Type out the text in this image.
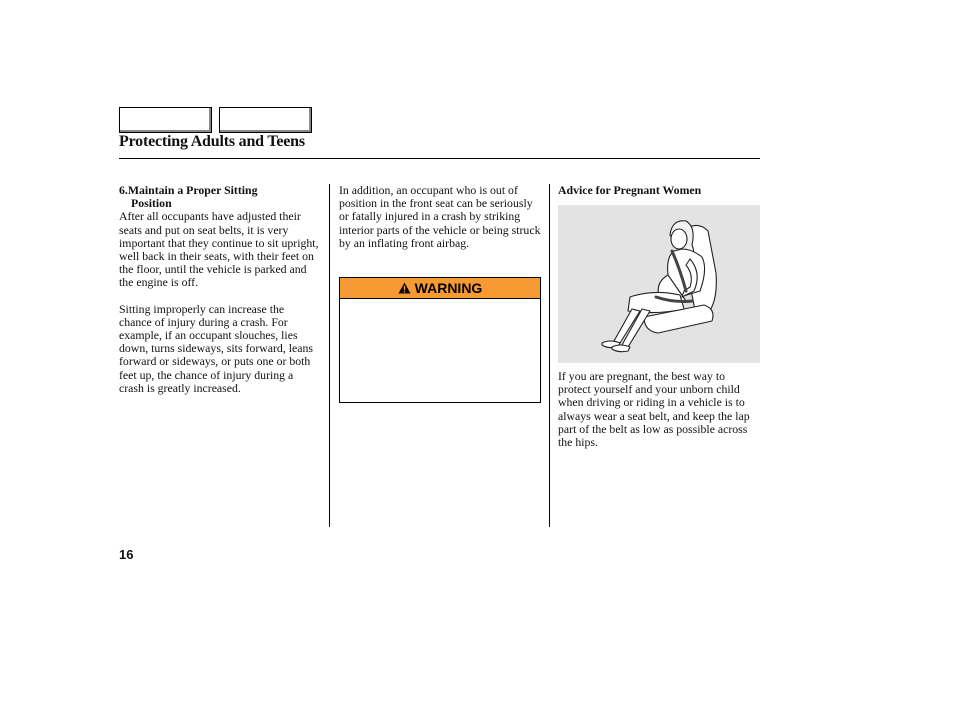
Protecting Adults and Teens
6.Maintain a Proper Sitting
Position

After all occupants have adjusted their seats and put on seat belts, it is very important that they continue to sit upright, well back in their seats, with their feet on the floor, until the vehicle is parked and the engine is off.

Sitting improperly can increase the chance of injury during a crash. For example, if an occupant slouches, lies down, turns sideways, sits forward, leans forward or sideways, or puts one or both feet up, the chance of injury during a crash is greatly increased.

In addition, an occupant who is out of position in the front seat can be seriously or fatally injured in a crash by striking interior parts of the vehicle or being struck by an inflating front airbag.

WARNING
Advice for Pregnant Women

If you are pregnant, the best way to protect yourself and your unborn child when driving or riding in a vehicle is to always wear a seat belt, and keep the lap part of the belt as low as possible across the hips.

16
